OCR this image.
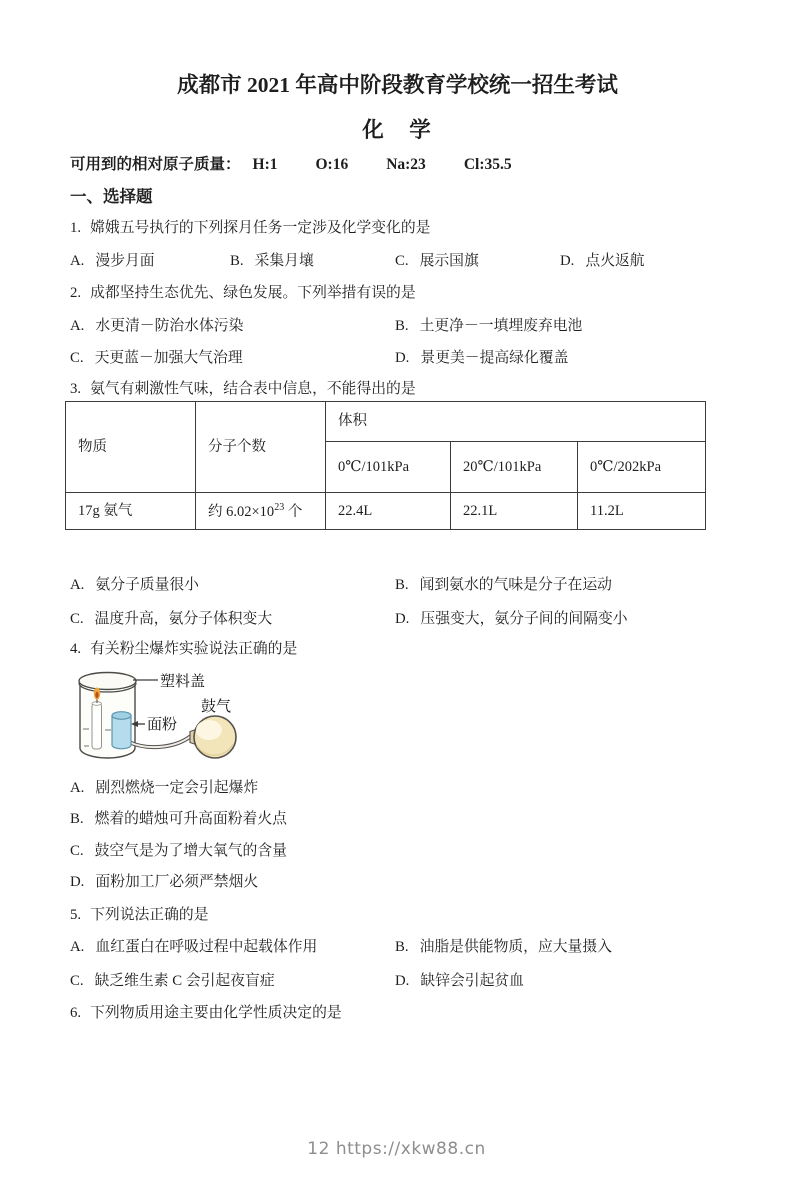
成都市 2021 年高中阶段教育学校统一招生考试
化　学
可用到的相对原子质量： H:1 O:16 Na:23 Cl:35.5
一、选择题
1. 嫦娥五号执行的下列探月任务一定涉及化学变化的是
A. 漫步月面	B. 采集月壤	C. 展示国旗	D. 点火返航
2. 成都坚持生态优先、绿色发展。下列举措有误的是
A. 水更清－防治水体污染	B. 土更净－一填埋废弃电池
C. 天更蓝－加强大气治理	D. 景更美－提高绿化覆盖
3. 氨气有刺激性气味，结合表中信息，不能得出的是
物质	分子个数	体积		
		0℃/101kPa	20℃/101kPa	0℃/202kPa
17g 氨气	约 $6.02\times 10^{23}$ 个	22.4L	22.1L	11.2L
A. 氨分子质量很小	B. 闻到氨水的气味是分子在运动
C. 温度升高，氨分子体积变大	D. 压强变大，氨分子间的间隔变小
4. 有关粉尘爆炸实验说法正确的是
塑料盖
面粉
鼓气
A. 剧烈燃烧一定会引起爆炸
B. 燃着的蜡烛可升高面粉着火点
C. 鼓空气是为了增大氧气的含量
D. 面粉加工厂必须严禁烟火
5. 下列说法正确的是
A. 血红蛋白在呼吸过程中起载体作用	B. 油脂是供能物质，应大量摄入
C. 缺乏维生素 C 会引起夜盲症	D. 缺锌会引起贫血
6. 下列物质用途主要由化学性质决定的是
12 https://xkw88.cn
